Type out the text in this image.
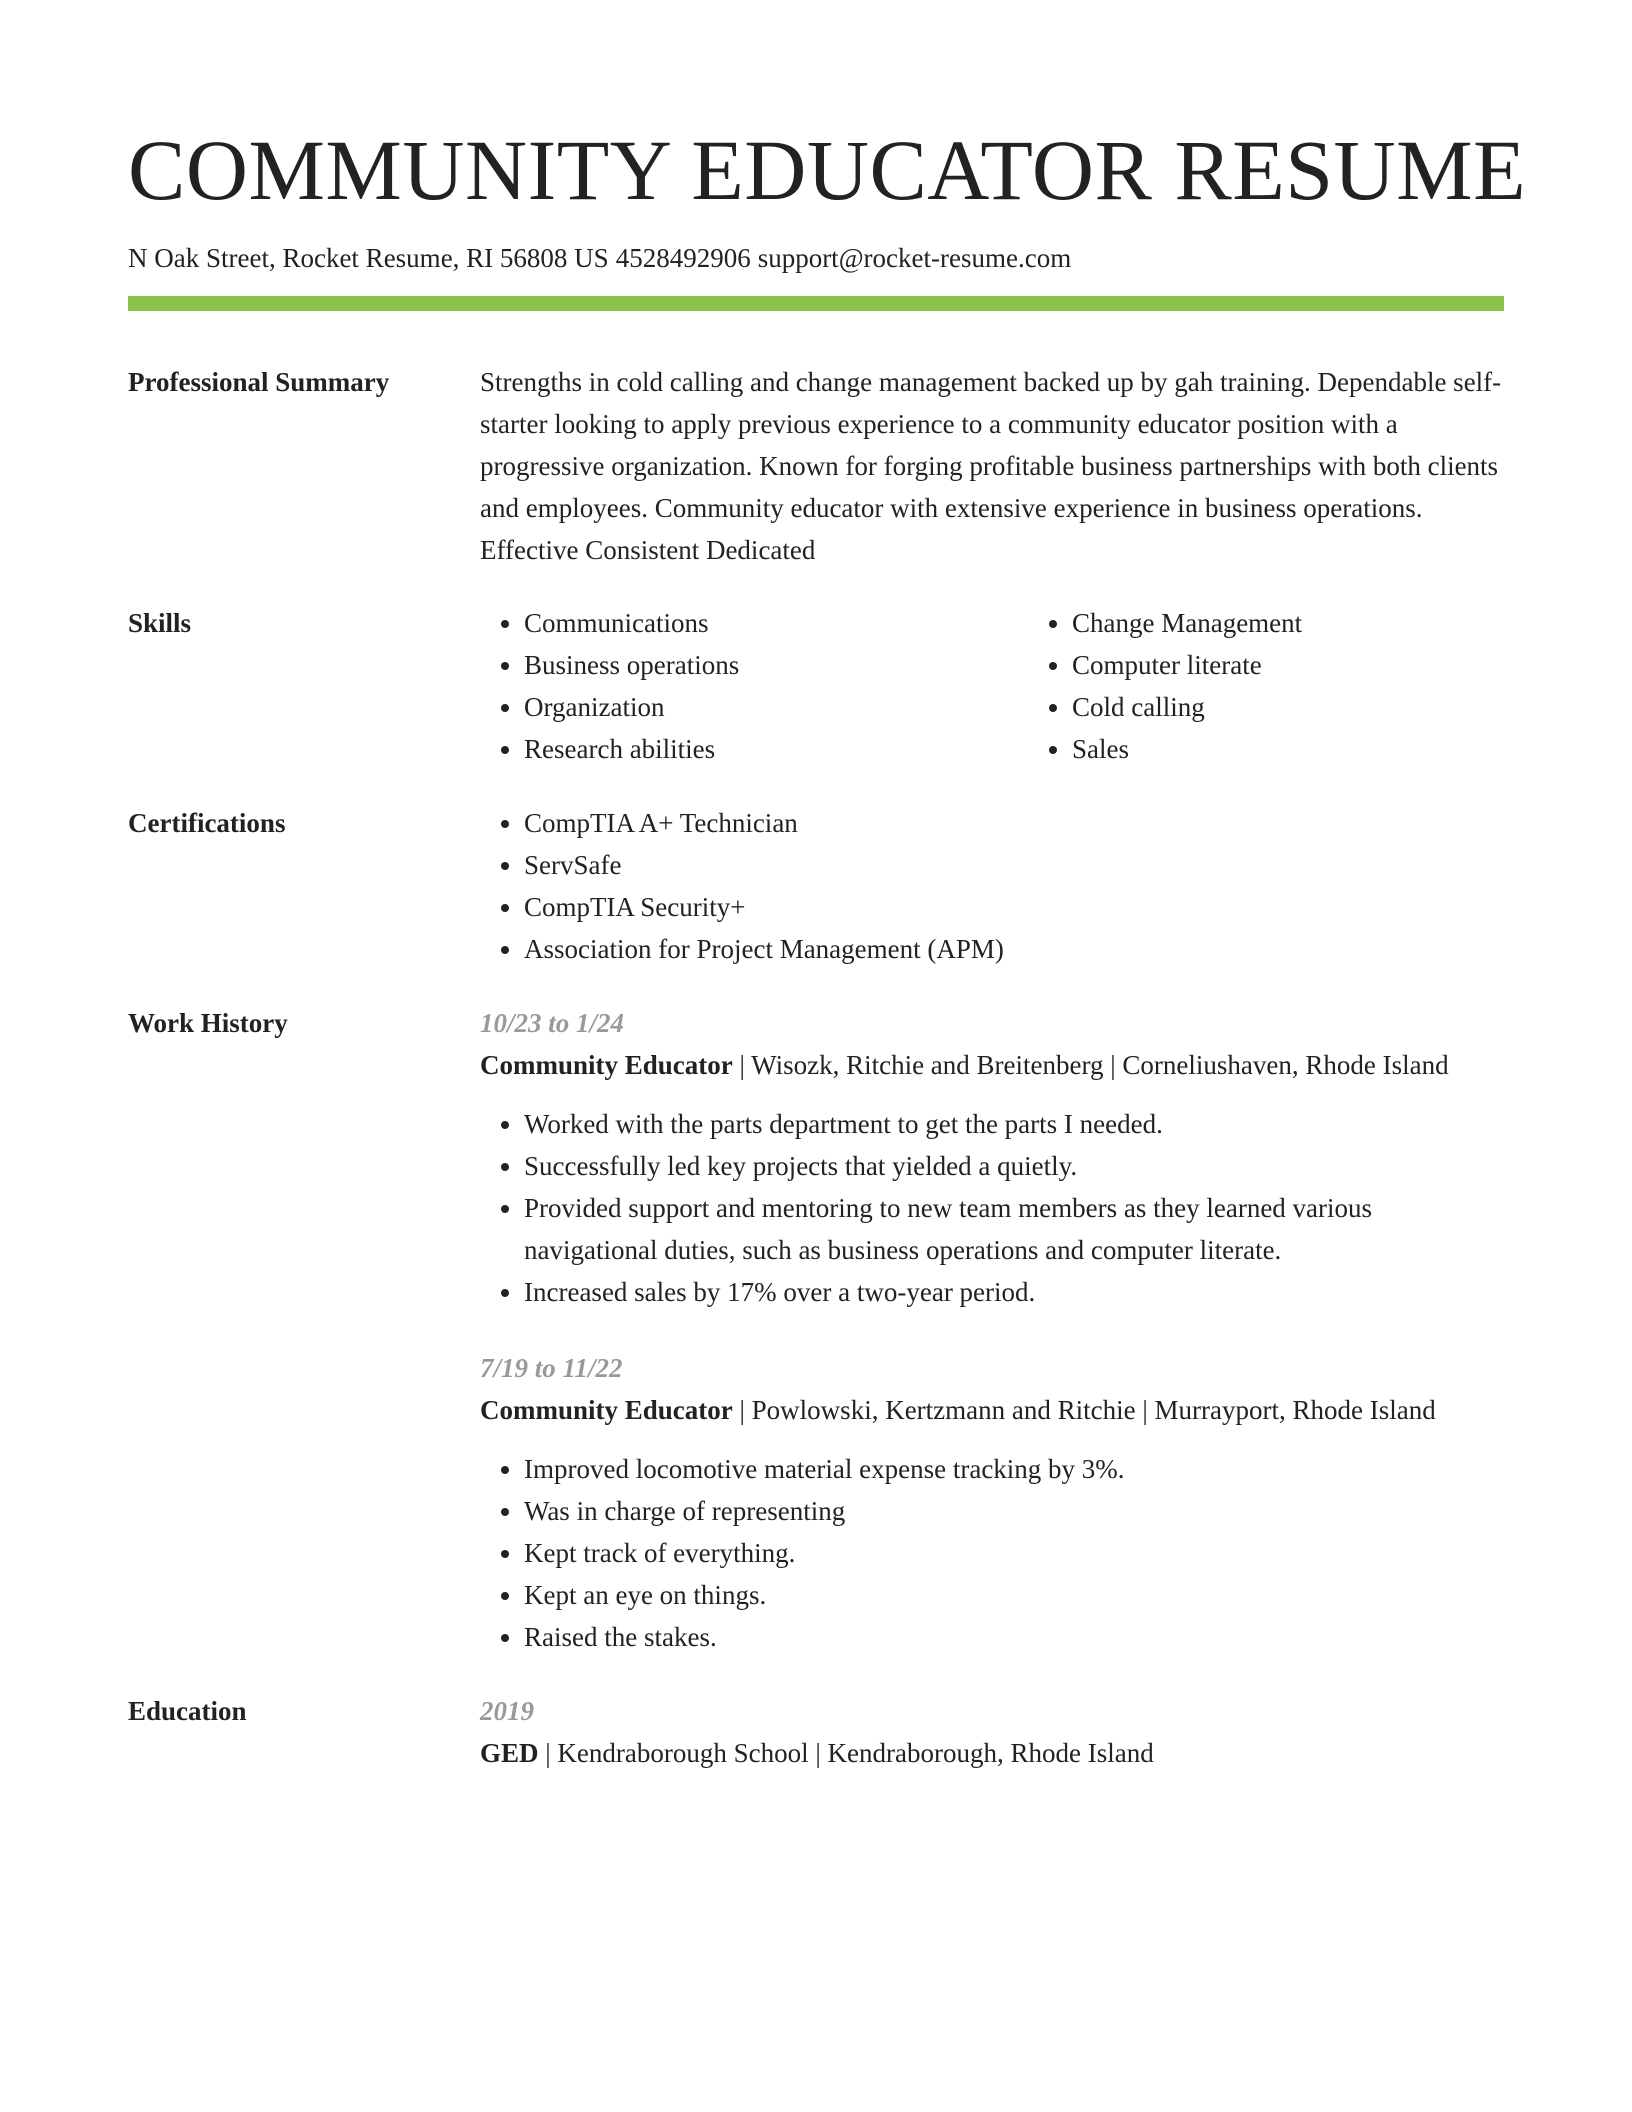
COMMUNITY EDUCATOR RESUME
N Oak Street, Rocket Resume, RI 56808 US 4528492906 support@rocket-resume.com
Professional Summary	Strengths in cold calling and change management backed up by gah training. Dependable self-starter looking to apply previous experience to a community educator position with a progressive organization. Known for forging profitable business partnerships with both clients and employees. Community educator with extensive experience in business operations. Effective Consistent Dedicated

Skills	• Communications
• Business operations
• Organization
• Research abilities
• Change Management
• Computer literate
• Cold calling
• Sales
Certifications	• CompTIA A+ Technician
• ServSafe
• CompTIA Security+
• Association for Project Management (APM)
Work History	10/23 to 1/24
Community Educator | Wisozk, Ritchie and Breitenberg | Corneliushaven, Rhode Island
• Worked with the parts department to get the parts I needed.
• Successfully led key projects that yielded a quietly.
• Provided support and mentoring to new team members as they learned various navigational duties, such as business operations and computer literate.
• Increased sales by 17% over a two-year period.
7/19 to 11/22
Community Educator | Powlowski, Kertzmann and Ritchie | Murrayport, Rhode Island
• Improved locomotive material expense tracking by 3%.
• Was in charge of representing
• Kept track of everything.
• Kept an eye on things.
• Raised the stakes.
Education	2019
GED | Kendraborough School | Kendraborough, Rhode Island
